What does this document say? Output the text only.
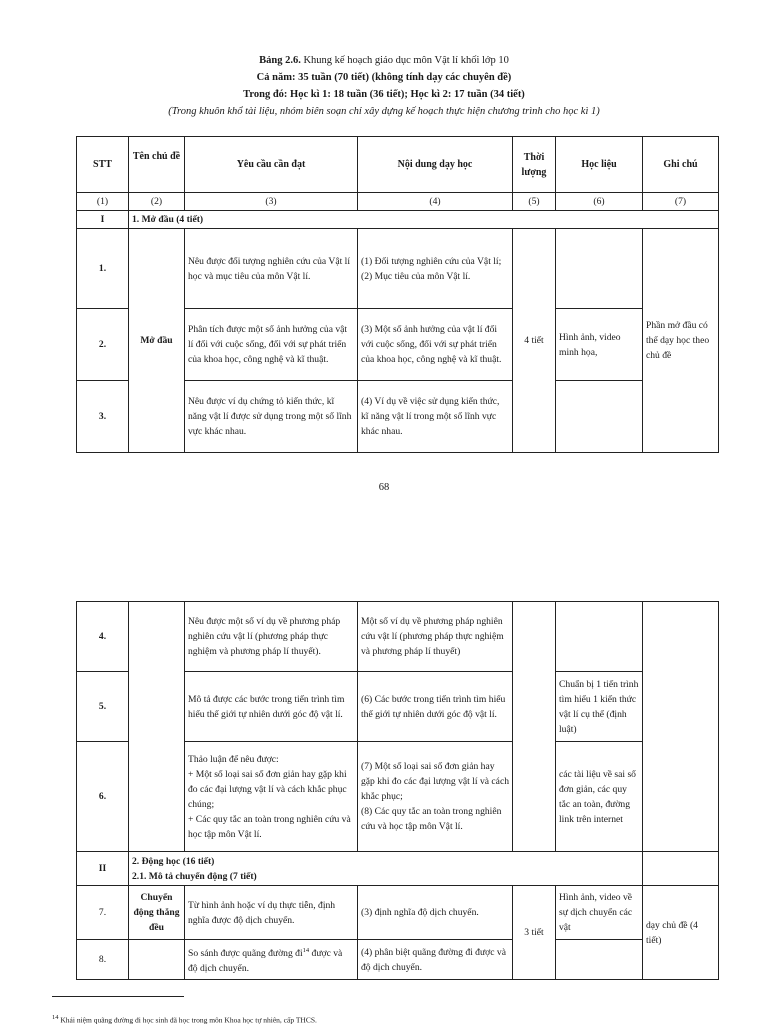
Bảng 2.6. Khung kế hoạch giáo dục môn Vật lí khối lớp 10
Cả năm: 35 tuần (70 tiết) (không tính dạy các chuyên đề)
Trong đó: Học kì 1: 18 tuần (36 tiết); Học kì 2: 17 tuần (34 tiết)
(Trong khuôn khổ tài liệu, nhóm biên soạn chỉ xây dựng kế hoạch thực hiện chương trình cho học kì 1)
STT	Tên chủ đề	Yêu cầu cần đạt	Nội dung dạy học	Thời lượng	Học liệu	Ghi chú
(1)	(2)	(3)	(4)	(5)	(6)	(7)
I	1. Mở đầu (4 tiết)					
1.	Mở đầu	Nêu được đối tượng nghiên cứu của Vật lí học và mục tiêu của môn Vật lí.	(1) Đối tượng nghiên cứu của Vật lí;
(2) Mục tiêu của môn Vật lí.	4 tiết		Phần mở đầu có thể dạy học theo chủ đề
2.		Phân tích được một số ảnh hưởng của vật lí đối với cuộc sống, đối với sự phát triển của khoa học, công nghệ và kĩ thuật.	(3) Một số ảnh hưởng của vật lí đối với cuộc sống, đối với sự phát triển của khoa học, công nghệ và kĩ thuật.		Hình ảnh, video minh họa,	
3.		Nêu được ví dụ chứng tỏ kiến thức, kĩ năng vật lí được sử dụng trong một số lĩnh vực khác nhau.	(4) Ví dụ về việc sử dụng kiến thức, kĩ năng vật lí trong một số lĩnh vực khác nhau.			
68
4.		Nêu được một số ví dụ về phương pháp nghiên cứu vật lí (phương pháp thực nghiệm và phương pháp lí thuyết).	Một số ví dụ về phương pháp nghiên cứu vật lí (phương pháp thực nghiệm và phương pháp lí thuyết)			
5.		Mô tả được các bước trong tiến trình tìm hiểu thế giới tự nhiên dưới góc độ vật lí.	(6) Các bước trong tiến trình tìm hiểu thế giới tự nhiên dưới góc độ vật lí.		Chuẩn bị 1 tiến trình tìm hiểu 1 kiến thức vật lí cụ thể (định luật)	
6.		Thảo luận để nêu được:
+ Một số loại sai số đơn giản hay gặp khi đo các đại lượng vật lí và cách khắc phục chúng;
+ Các quy tắc an toàn trong nghiên cứu và học tập môn Vật lí.	(7) Một số loại sai số đơn giản hay gặp khi đo các đại lượng vật lí và cách khắc phục;
(8) Các quy tắc an toàn trong nghiên cứu và học tập môn Vật lí.		các tài liệu về sai số đơn giản, các quy tắc an toàn, đường link trên internet	
II	2. Động học (16 tiết)
2.1. Mô tả chuyển động (7 tiết)					

7.	Chuyển động thẳng đều	Từ hình ảnh hoặc ví dụ thực tiễn, định nghĩa được độ dịch chuyển.	(3) định nghĩa độ dịch chuyển.	3 tiết	Hình ảnh, video về sự dịch chuyển các vật	dạy chủ đề (4 tiết)
8.		So sánh được quãng đường $đi^{14}$ được và độ dịch chuyển.	(4) phân biệt quãng đường đi được và độ dịch chuyển.			
$^{14}$ Khái niệm quãng đường đi học sinh đã học trong môn Khoa học tự nhiên, cấp THCS.
